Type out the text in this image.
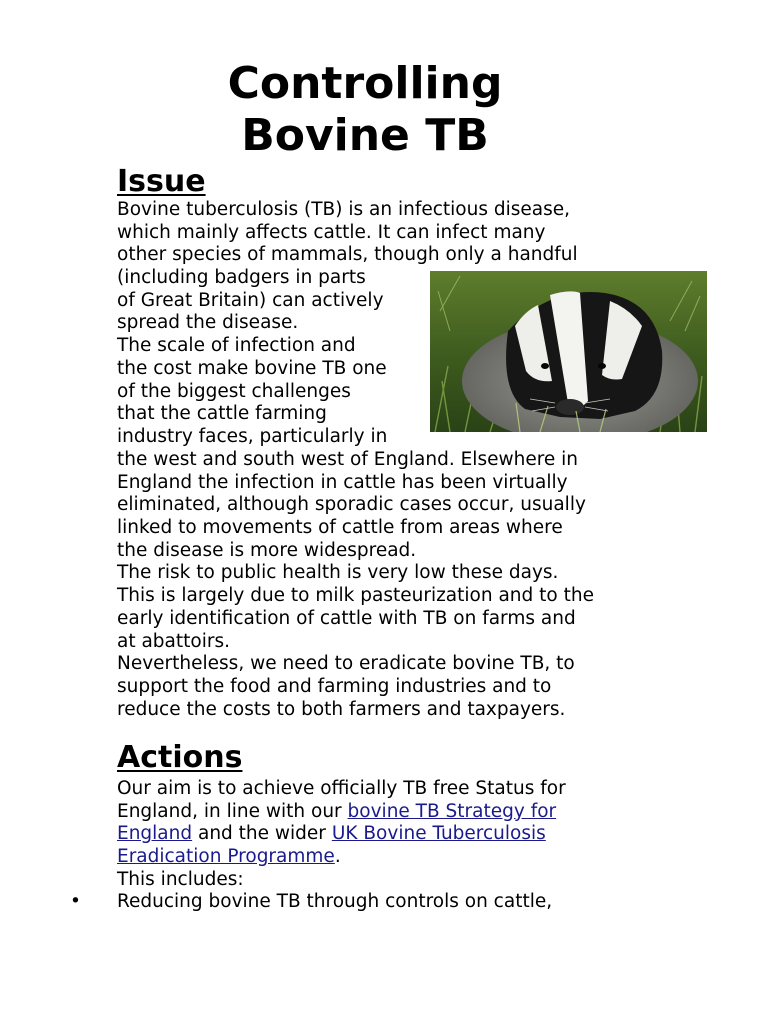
Controlling
Bovine TB
Issue

Bovine tuberculosis (TB) is an infectious disease,
which mainly affects cattle. It can infect many
other species of mammals, though only a handful
(including badgers in parts
of Great Britain) can actively
spread the disease.
The scale of infection and
the cost make bovine TB one
of the biggest challenges
that the cattle farming
industry faces, particularly in

the west and south west of England. Elsewhere in
England the infection in cattle has been virtually
eliminated, although sporadic cases occur, usually
linked to movements of cattle from areas where
the disease is more widespread.
The risk to public health is very low these days.
This is largely due to milk pasteurization and to the
early identification of cattle with TB on farms and
at abattoirs.
Nevertheless, we need to eradicate bovine TB, to
support the food and farming industries and to
reduce the costs to both farmers and taxpayers.

Actions

Our aim is to achieve officially TB free Status for
England, in line with our bovine TB Strategy for
England and the wider UK Bovine Tuberculosis
Eradication Programme.
This includes:

•	Reducing bovine TB through controls on cattle,
